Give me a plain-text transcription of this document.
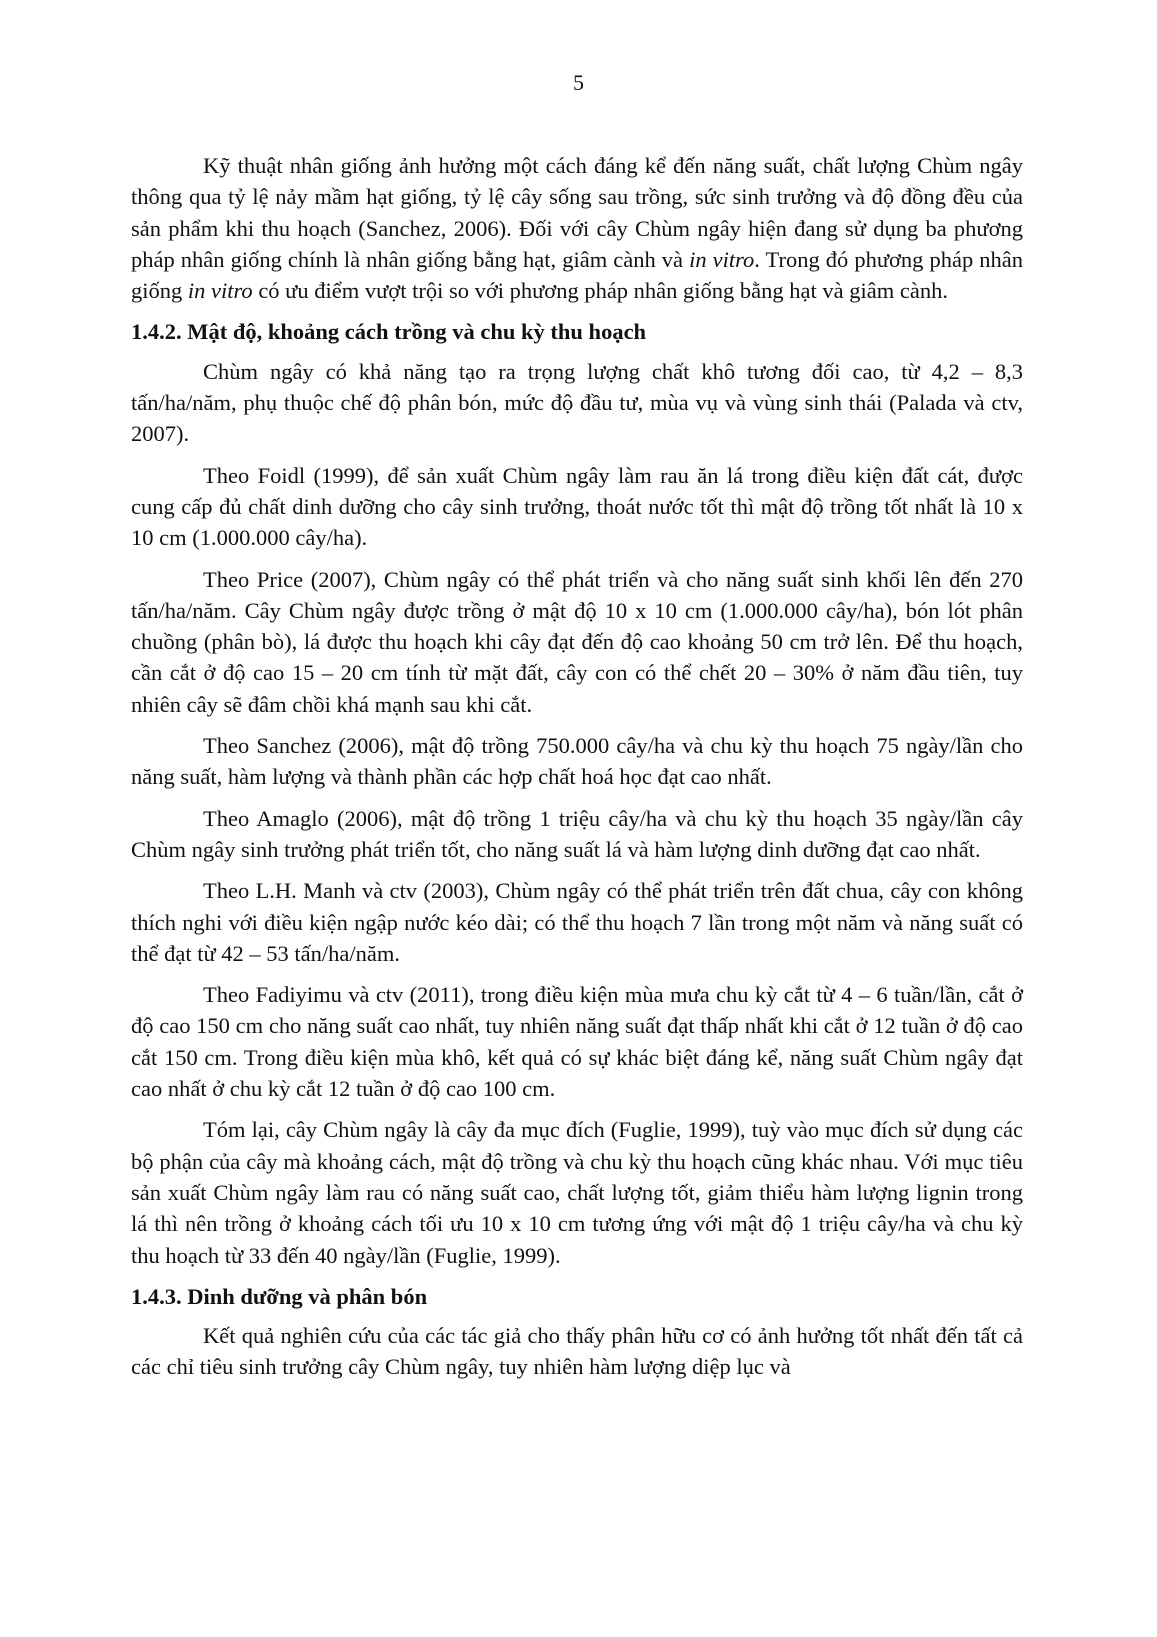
5

Kỹ thuật nhân giống ảnh hưởng một cách đáng kể đến năng suất, chất lượng Chùm ngây thông qua tỷ lệ nảy mầm hạt giống, tỷ lệ cây sống sau trồng, sức sinh trưởng và độ đồng đều của sản phẩm khi thu hoạch (Sanchez, 2006). Đối với cây Chùm ngây hiện đang sử dụng ba phương pháp nhân giống chính là nhân giống bằng hạt, giâm cành và in vitro. Trong đó phương pháp nhân giống in vitro có ưu điểm vượt trội so với phương pháp nhân giống bằng hạt và giâm cành.

1.4.2. Mật độ, khoảng cách trồng và chu kỳ thu hoạch

Chùm ngây có khả năng tạo ra trọng lượng chất khô tương đối cao, từ 4,2 – 8,3 tấn/ha/năm, phụ thuộc chế độ phân bón, mức độ đầu tư, mùa vụ và vùng sinh thái (Palada và ctv, 2007).

Theo Foidl (1999), để sản xuất Chùm ngây làm rau ăn lá trong điều kiện đất cát, được cung cấp đủ chất dinh dưỡng cho cây sinh trưởng, thoát nước tốt thì mật độ trồng tốt nhất là 10 x 10 cm (1.000.000 cây/ha).

Theo Price (2007), Chùm ngây có thể phát triển và cho năng suất sinh khối lên đến 270 tấn/ha/năm. Cây Chùm ngây được trồng ở mật độ 10 x 10 cm (1.000.000 cây/ha), bón lót phân chuồng (phân bò), lá được thu hoạch khi cây đạt đến độ cao khoảng 50 cm trở lên. Để thu hoạch, cần cắt ở độ cao 15 – 20 cm tính từ mặt đất, cây con có thể chết 20 – 30% ở năm đầu tiên, tuy nhiên cây sẽ đâm chồi khá mạnh sau khi cắt.

Theo Sanchez (2006), mật độ trồng 750.000 cây/ha và chu kỳ thu hoạch 75 ngày/lần cho năng suất, hàm lượng và thành phần các hợp chất hoá học đạt cao nhất.

Theo Amaglo (2006), mật độ trồng 1 triệu cây/ha và chu kỳ thu hoạch 35 ngày/lần cây Chùm ngây sinh trưởng phát triển tốt, cho năng suất lá và hàm lượng dinh dưỡng đạt cao nhất.

Theo L.H. Manh và ctv (2003), Chùm ngây có thể phát triển trên đất chua, cây con không thích nghi với điều kiện ngập nước kéo dài; có thể thu hoạch 7 lần trong một năm và năng suất có thể đạt từ 42 – 53 tấn/ha/năm.

Theo Fadiyimu và ctv (2011), trong điều kiện mùa mưa chu kỳ cắt từ 4 – 6 tuần/lần, cắt ở độ cao 150 cm cho năng suất cao nhất, tuy nhiên năng suất đạt thấp nhất khi cắt ở 12 tuần ở độ cao cắt 150 cm. Trong điều kiện mùa khô, kết quả có sự khác biệt đáng kể, năng suất Chùm ngây đạt cao nhất ở chu kỳ cắt 12 tuần ở độ cao 100 cm.

Tóm lại, cây Chùm ngây là cây đa mục đích (Fuglie, 1999), tuỳ vào mục đích sử dụng các bộ phận của cây mà khoảng cách, mật độ trồng và chu kỳ thu hoạch cũng khác nhau. Với mục tiêu sản xuất Chùm ngây làm rau có năng suất cao, chất lượng tốt, giảm thiểu hàm lượng lignin trong lá thì nên trồng ở khoảng cách tối ưu 10 x 10 cm tương ứng với mật độ 1 triệu cây/ha và chu kỳ thu hoạch từ 33 đến 40 ngày/lần (Fuglie, 1999).

1.4.3. Dinh dưỡng và phân bón

Kết quả nghiên cứu của các tác giả cho thấy phân hữu cơ có ảnh hưởng tốt nhất đến tất cả các chỉ tiêu sinh trưởng cây Chùm ngây, tuy nhiên hàm lượng diệp lục và
